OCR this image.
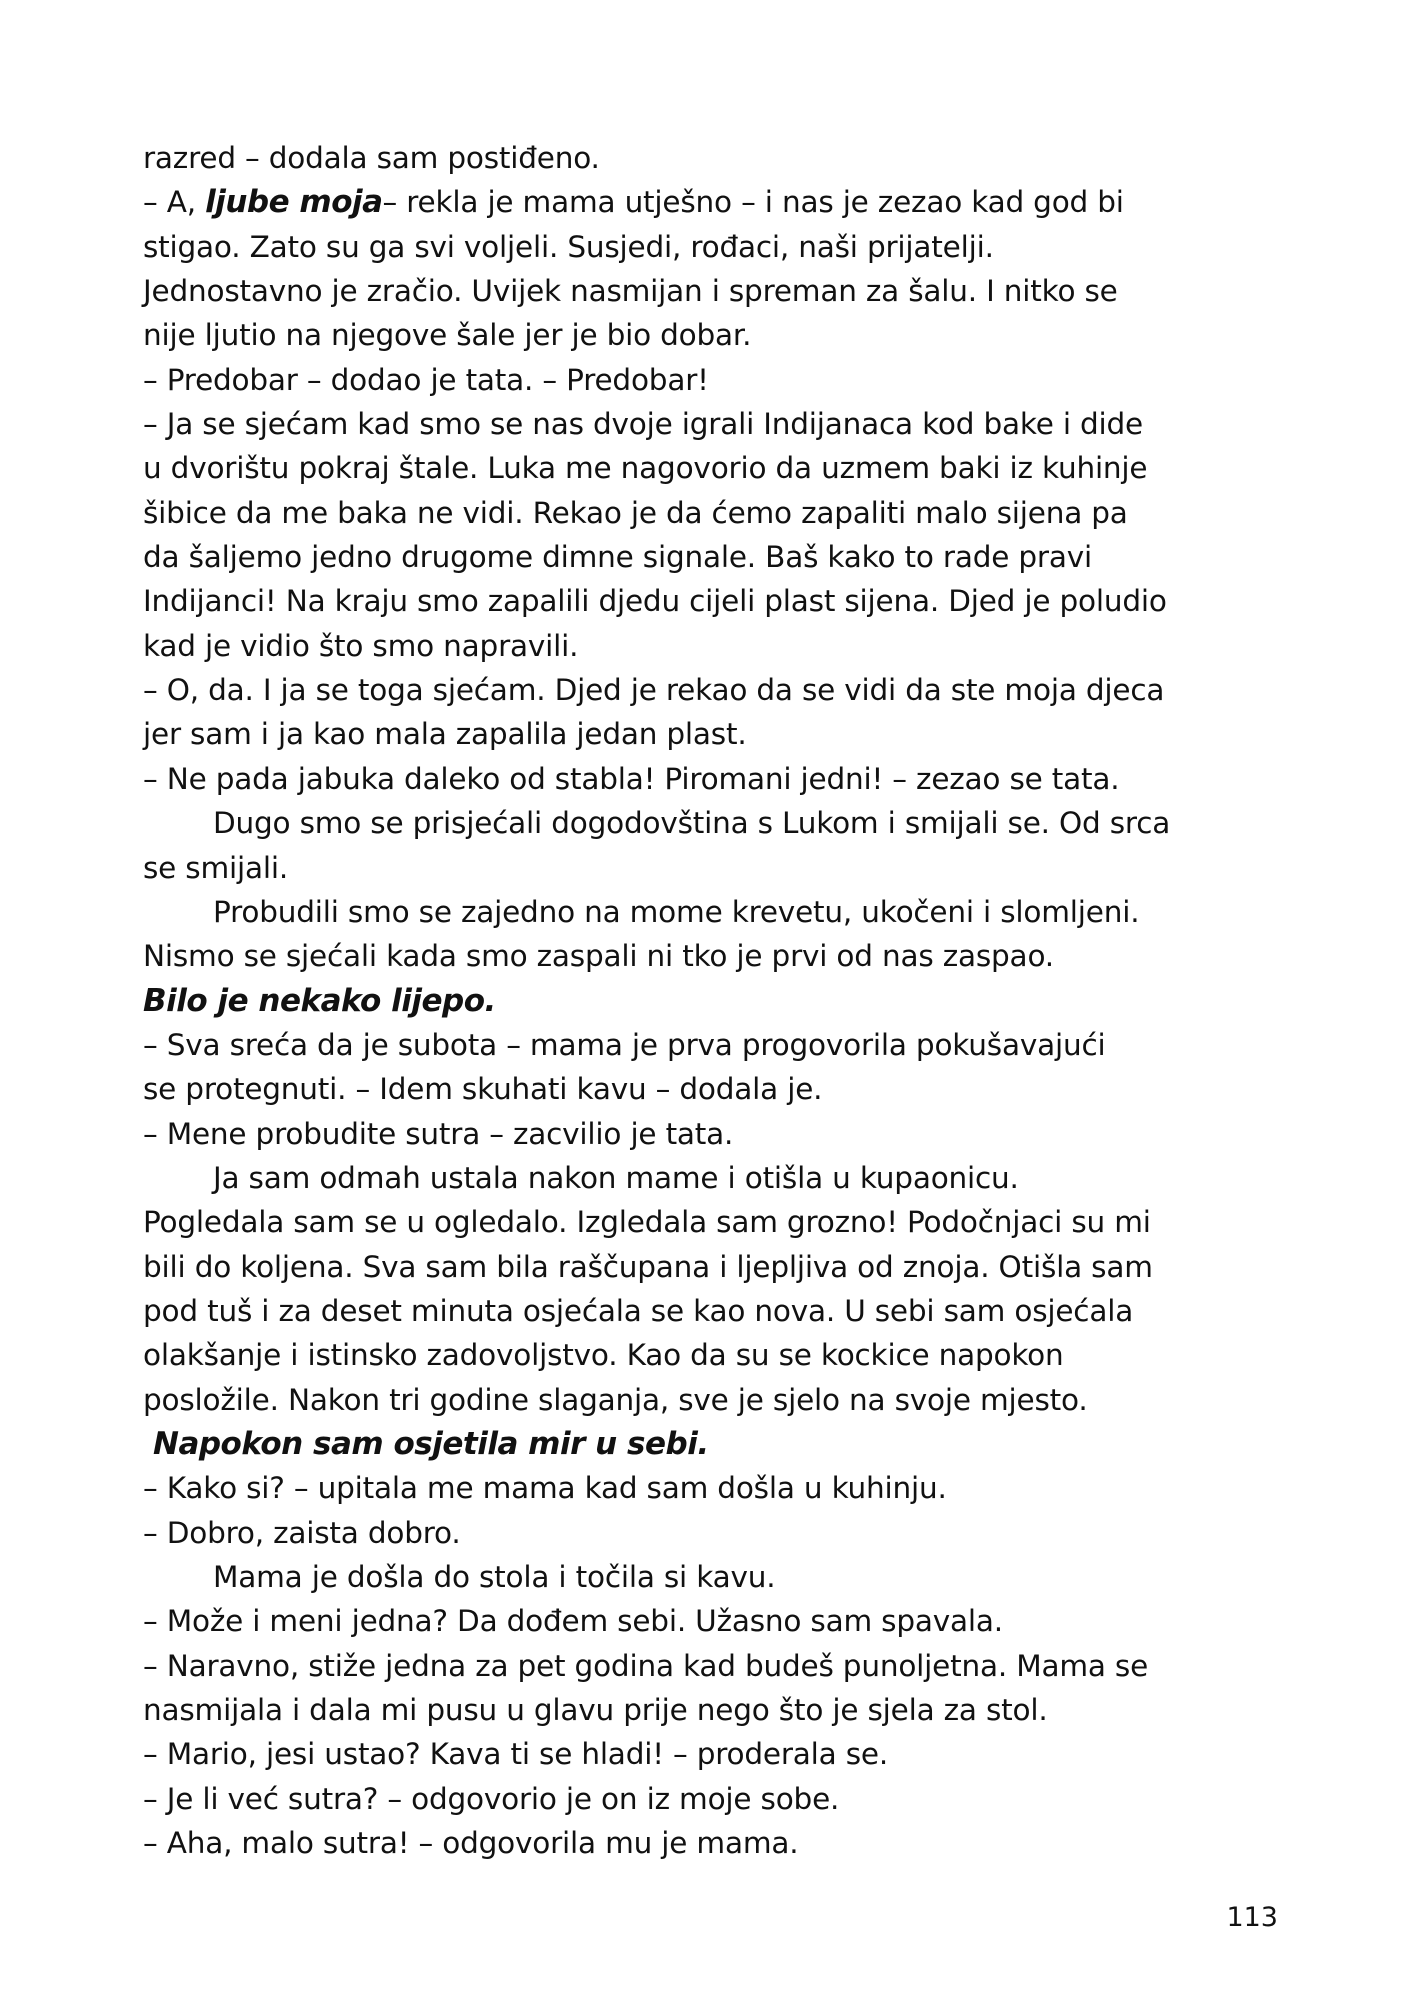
razred – dodala sam postiđeno.
– A, ljube moja– rekla je mama utješno – i nas je zezao kad god bi
stigao. Zato su ga svi voljeli. Susjedi, rođaci, naši prijatelji.
Jednostavno je zračio. Uvijek nasmijan i spreman za šalu. I nitko se
nije ljutio na njegove šale jer je bio dobar.
– Predobar – dodao je tata. – Predobar!
– Ja se sjećam kad smo se nas dvoje igrali Indijanaca kod bake i dide
u dvorištu pokraj štale. Luka me nagovorio da uzmem baki iz kuhinje
šibice da me baka ne vidi. Rekao je da ćemo zapaliti malo sijena pa
da šaljemo jedno drugome dimne signale. Baš kako to rade pravi
Indijanci! Na kraju smo zapalili djedu cijeli plast sijena. Djed je poludio
kad je vidio što smo napravili.
– O, da. I ja se toga sjećam. Djed je rekao da se vidi da ste moja djeca
jer sam i ja kao mala zapalila jedan plast.
– Ne pada jabuka daleko od stabla! Piromani jedni! – zezao se tata.
Dugo smo se prisjećali dogodovština s Lukom i smijali se. Od srca
se smijali.
Probudili smo se zajedno na mome krevetu, ukočeni i slomljeni.
Nismo se sjećali kada smo zaspali ni tko je prvi od nas zaspao.
Bilo je nekako lijepo.
– Sva sreća da je subota – mama je prva progovorila pokušavajući
se protegnuti. – Idem skuhati kavu – dodala je.
– Mene probudite sutra – zacvilio je tata.
Ja sam odmah ustala nakon mame i otišla u kupaonicu.
Pogledala sam se u ogledalo. Izgledala sam grozno! Podočnjaci su mi
bili do koljena. Sva sam bila raščupana i ljepljiva od znoja. Otišla sam
pod tuš i za deset minuta osjećala se kao nova. U sebi sam osjećala
olakšanje i istinsko zadovoljstvo. Kao da su se kockice napokon
posložile. Nakon tri godine slaganja, sve je sjelo na svoje mjesto.
Napokon sam osjetila mir u sebi.
– Kako si? – upitala me mama kad sam došla u kuhinju.
– Dobro, zaista dobro.
Mama je došla do stola i točila si kavu.
– Može i meni jedna? Da dođem sebi. Užasno sam spavala.
– Naravno, stiže jedna za pet godina kad budeš punoljetna. Mama se
nasmijala i dala mi pusu u glavu prije nego što je sjela za stol.
– Mario, jesi ustao? Kava ti se hladi! – proderala se.
– Je li već sutra? – odgovorio je on iz moje sobe.
– Aha, malo sutra! – odgovorila mu je mama.
113
